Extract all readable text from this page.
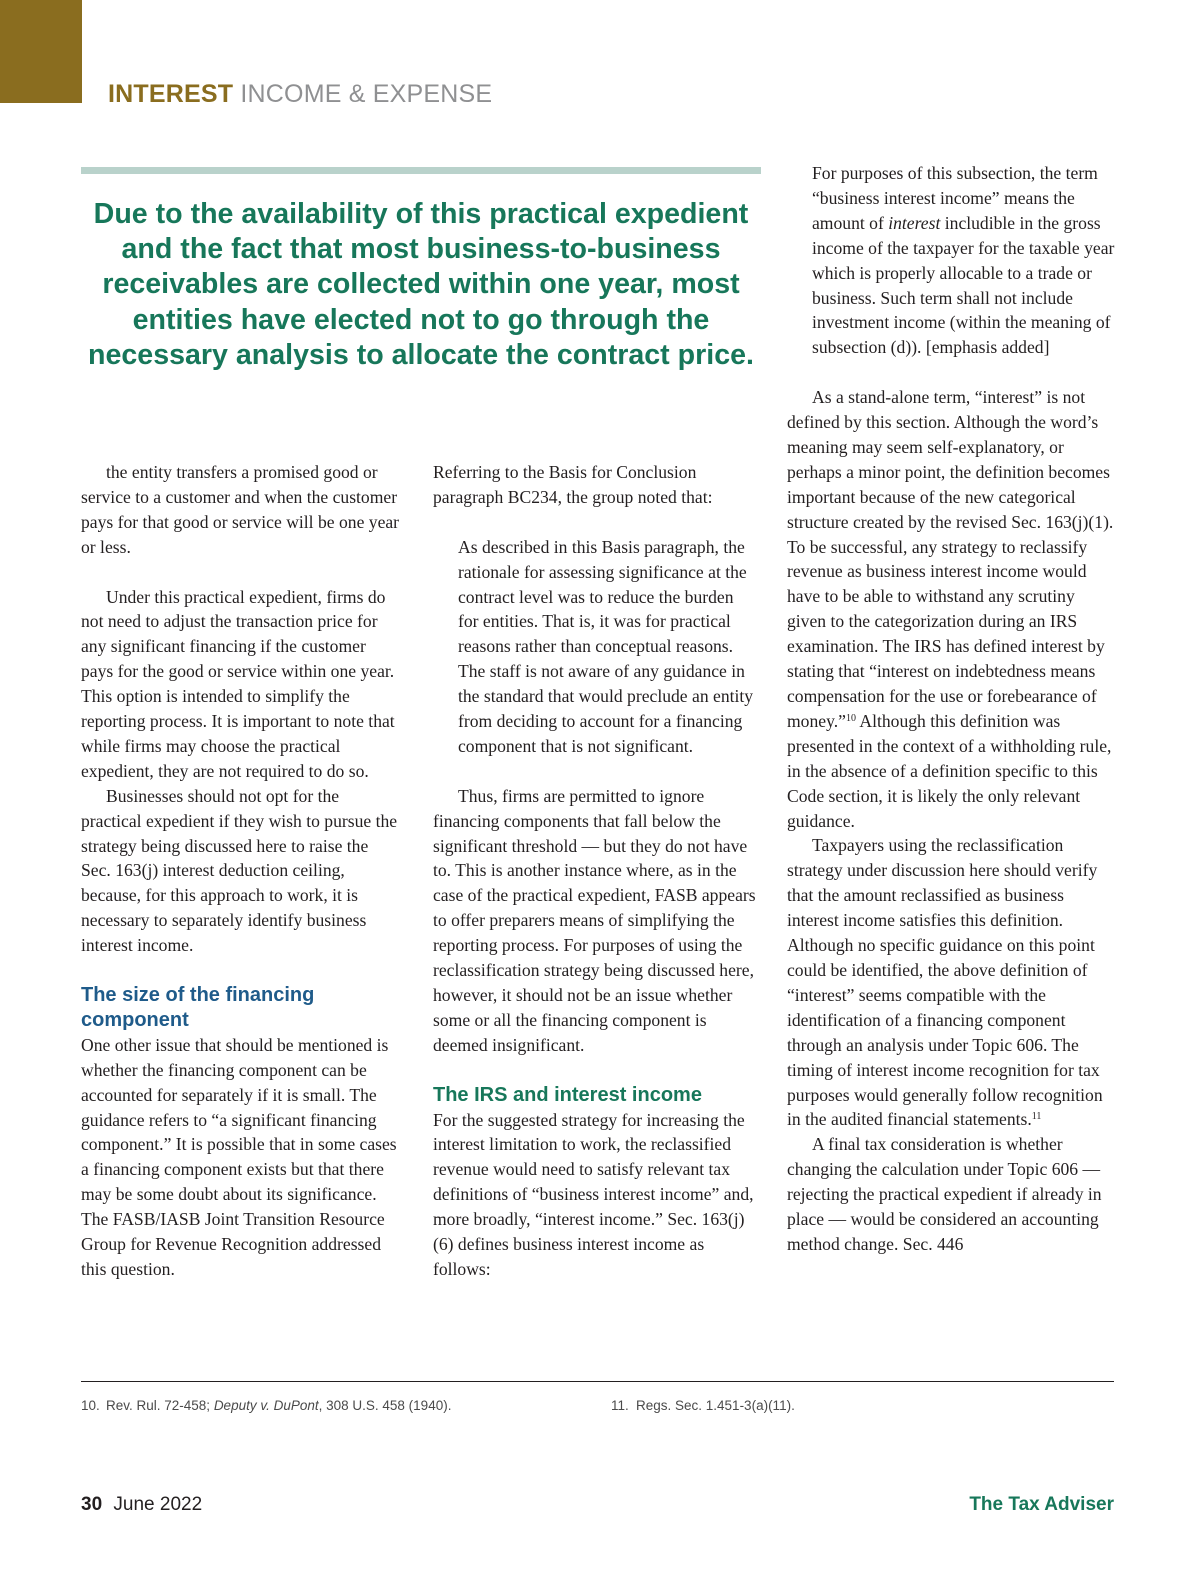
INTEREST INCOME & EXPENSE
Due to the availability of this practical expedient and the fact that most business-to-business receivables are collected within one year, most entities have elected not to go through the necessary analysis to allocate the contract price.

the entity transfers a promised good or service to a customer and when the customer pays for that good or service will be one year or less.

Under this practical expedient, firms do not need to adjust the transaction price for any significant financing if the customer pays for the good or service within one year. This option is intended to simplify the reporting process. It is important to note that while firms may choose the practical expedient, they are not required to do so.

Businesses should not opt for the practical expedient if they wish to pursue the strategy being discussed here to raise the Sec. 163(j) interest deduction ceiling, because, for this approach to work, it is necessary to separately identify business interest income.

The size of the financing component

One other issue that should be mentioned is whether the financing component can be accounted for separately if it is small. The guidance refers to “a significant financing component.” It is possible that in some cases a financing component exists but that there may be some doubt about its significance. The FASB/IASB Joint Transition Resource Group for Revenue Recognition addressed this question.

Referring to the Basis for Conclusion paragraph BC234, the group noted that:

As described in this Basis paragraph, the rationale for assessing significance at the contract level was to reduce the burden for entities. That is, it was for practical reasons rather than conceptual reasons. The staff is not aware of any guidance in the standard that would preclude an entity from deciding to account for a financing component that is not significant.

Thus, firms are permitted to ignore financing components that fall below the significant threshold — but they do not have to. This is another instance where, as in the case of the practical expedient, FASB appears to offer preparers means of simplifying the reporting process. For purposes of using the reclassification strategy being discussed here, however, it should not be an issue whether some or all the financing component is deemed insignificant.

The IRS and interest income

For the suggested strategy for increasing the interest limitation to work, the reclassified revenue would need to satisfy relevant tax definitions of “business interest income” and, more broadly, “interest income.” Sec. 163(j)(6) defines business interest income as follows:

For purposes of this subsection, the term “business interest income” means the amount of interest includible in the gross income of the taxpayer for the taxable year which is properly allocable to a trade or business. Such term shall not include investment income (within the meaning of subsection (d)). [emphasis added]

As a stand-alone term, “interest” is not defined by this section. Although the word’s meaning may seem self-explanatory, or perhaps a minor point, the definition becomes important because of the new categorical structure created by the revised Sec. 163(j)(1). To be successful, any strategy to reclassify revenue as business interest income would have to be able to withstand any scrutiny given to the categorization during an IRS examination. The IRS has defined interest by stating that “interest on indebtedness means compensation for the use or forebearance of money.”$^{10}$ Although this definition was presented in the context of a withholding rule, in the absence of a definition specific to this Code section, it is likely the only relevant guidance.

Taxpayers using the reclassification strategy under discussion here should verify that the amount reclassified as business interest income satisfies this definition. Although no specific guidance on this point could be identified, the above definition of “interest” seems compatible with the identification of a financing component through an analysis under Topic 606. The timing of interest income recognition for tax purposes would generally follow recognition in the audited financial statements.$^{11}$

A final tax consideration is whether changing the calculation under Topic 606 — rejecting the practical expedient if already in place — would be considered an accounting method change. Sec. 446

10. Rev. Rul. 72-458; Deputy v. DuPont, 308 U.S. 458 (1940).	11. Regs. Sec. 1.451-3(a)(11).
30 June 2022	The Tax Adviser
